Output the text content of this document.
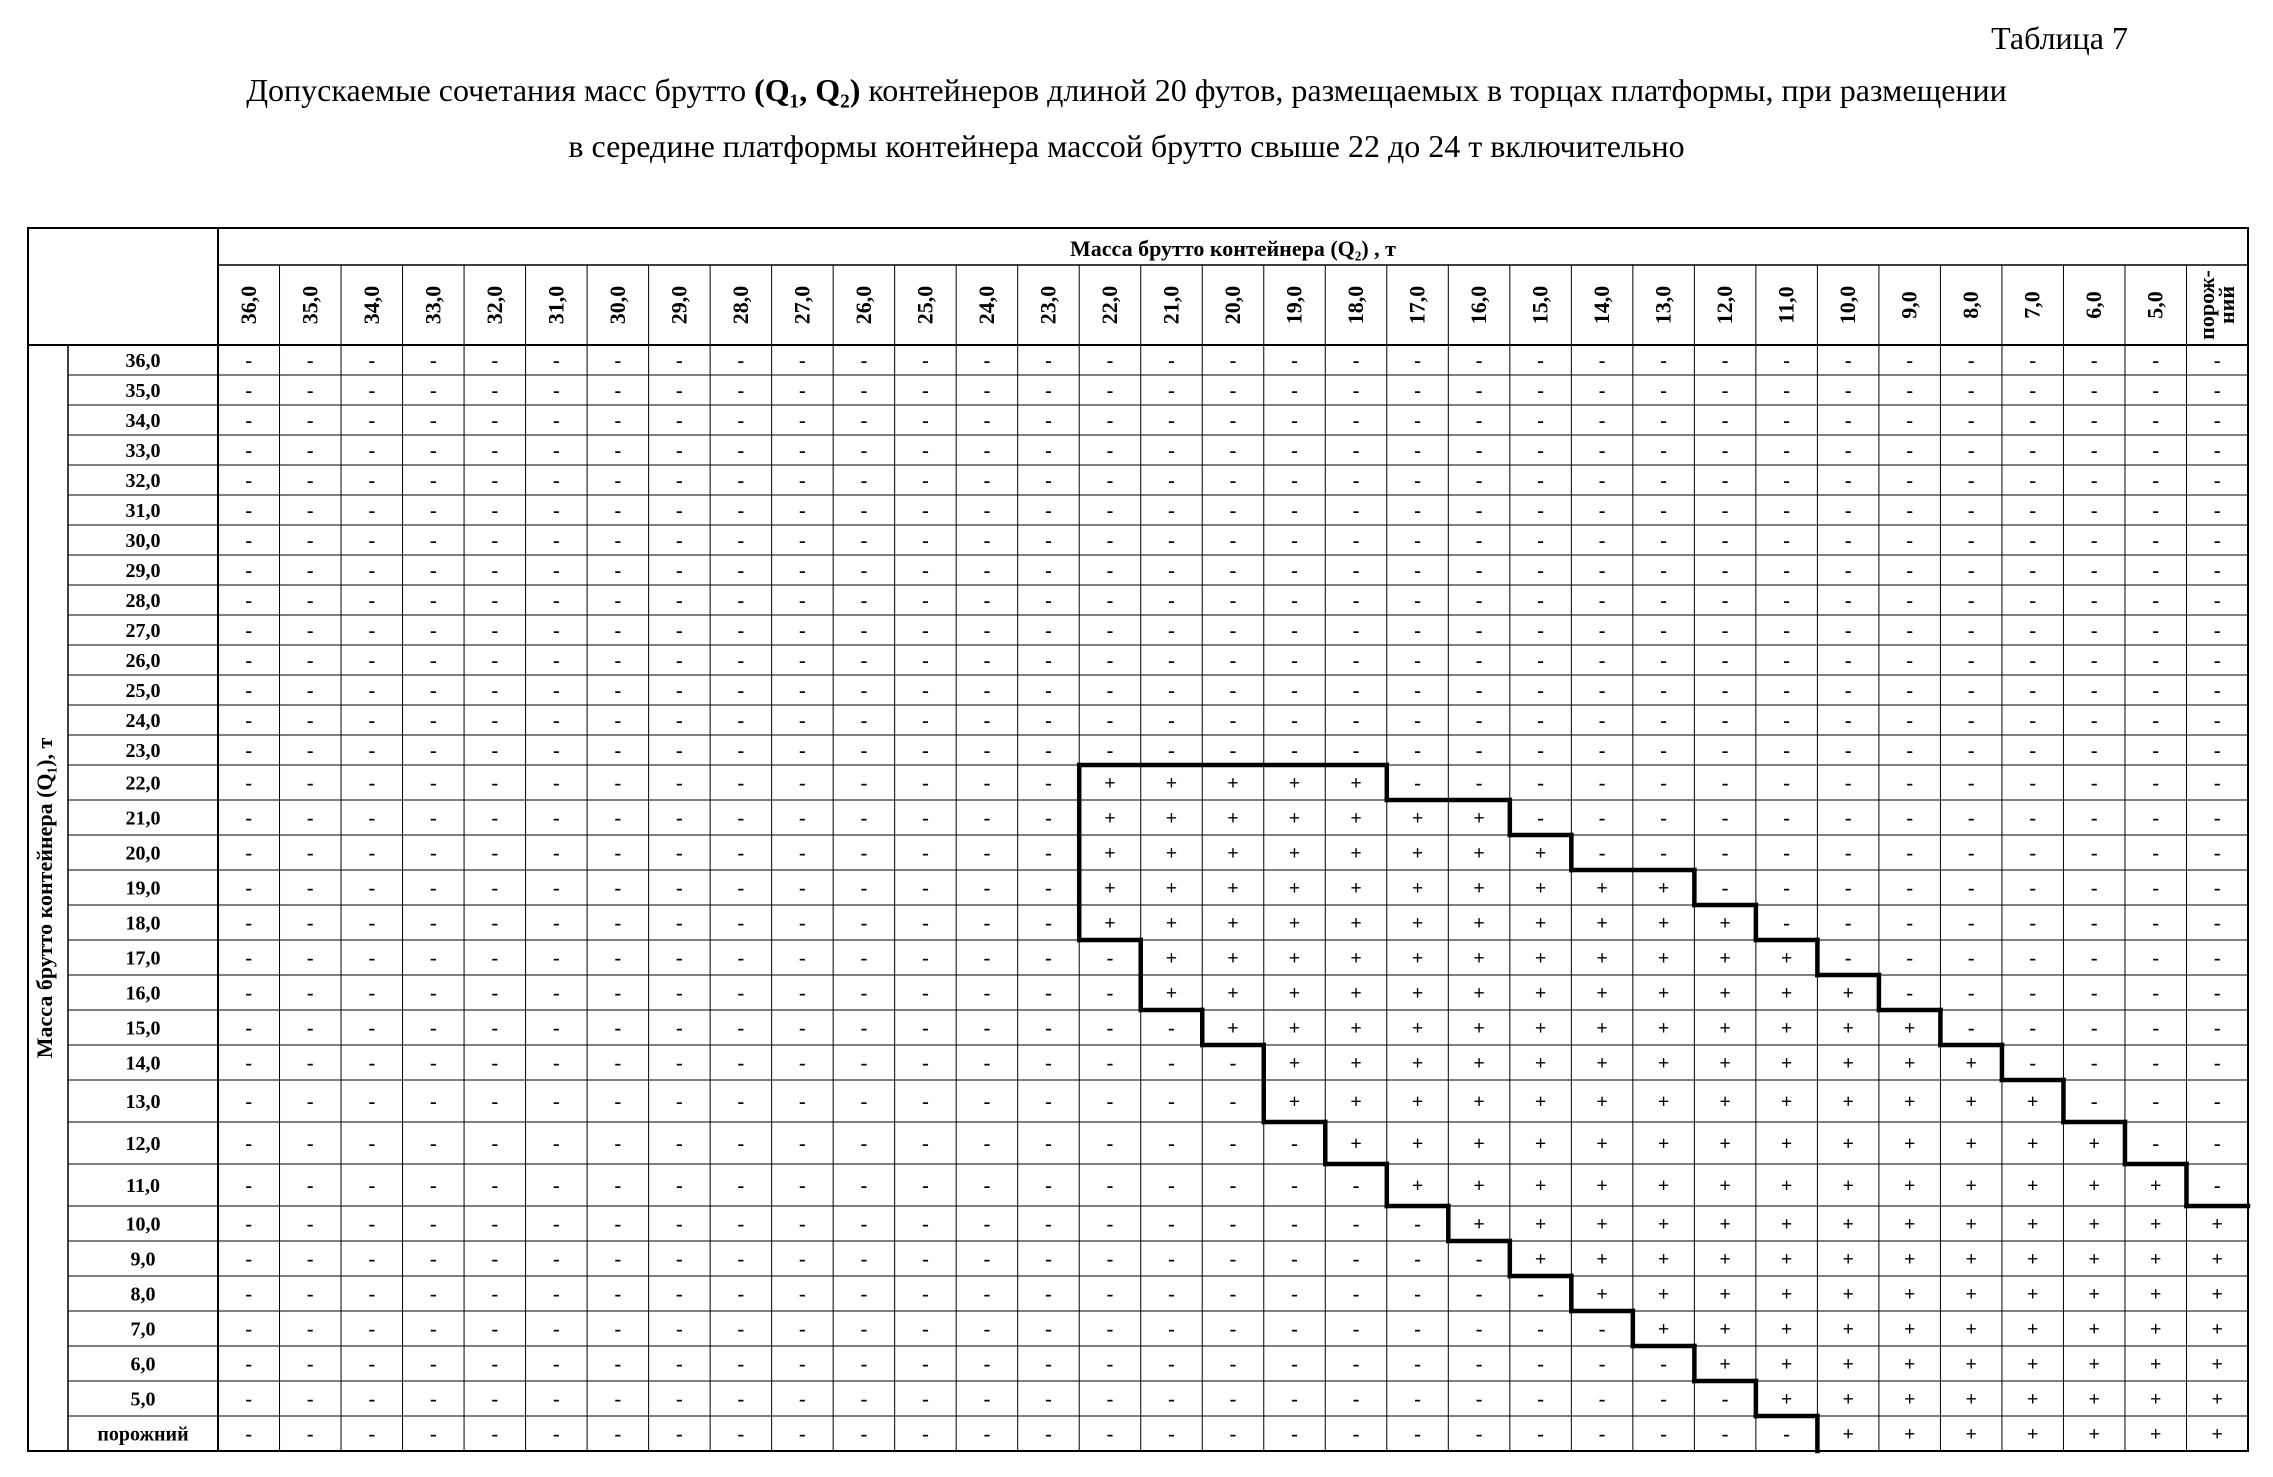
Таблица 7
Допускаемые сочетания масс брутто (Q₁, Q₂) контейнеров длиной 20 футов, размещаемых в торцах платформы, при размещении
в середине платформы контейнера массой брутто свыше 22 до 24 т включительно
Масса брутто контейнера (Q₂) , т
Масса брутто контейнера (Q₁), т
36,0 35,0 34,0 33,0 32,0 31,0 30,0 29,0 28,0 27,0 26,0 25,0 24,0 23,0 22,0 21,0 20,0 19,0 18,0 17,0 16,0 15,0 14,0 13,0 12,0 11,0 10,0 9,0 8,0 7,0 6,0 5,0 порож-ний
36,0	-	-	-	-	-	-	-	-	-	-	-	-	-	-	-	-	-	-	-	-	-	-	-	-	-	-	-	-	-	-	-	-	-
35,0	-	-	-	-	-	-	-	-	-	-	-	-	-	-	-	-	-	-	-	-	-	-	-	-	-	-	-	-	-	-	-	-	-
34,0	-	-	-	-	-	-	-	-	-	-	-	-	-	-	-	-	-	-	-	-	-	-	-	-	-	-	-	-	-	-	-	-	-
33,0	-	-	-	-	-	-	-	-	-	-	-	-	-	-	-	-	-	-	-	-	-	-	-	-	-	-	-	-	-	-	-	-	-
32,0	-	-	-	-	-	-	-	-	-	-	-	-	-	-	-	-	-	-	-	-	-	-	-	-	-	-	-	-	-	-	-	-	-
31,0	-	-	-	-	-	-	-	-	-	-	-	-	-	-	-	-	-	-	-	-	-	-	-	-	-	-	-	-	-	-	-	-	-
30,0	-	-	-	-	-	-	-	-	-	-	-	-	-	-	-	-	-	-	-	-	-	-	-	-	-	-	-	-	-	-	-	-	-
29,0	-	-	-	-	-	-	-	-	-	-	-	-	-	-	-	-	-	-	-	-	-	-	-	-	-	-	-	-	-	-	-	-	-
28,0	-	-	-	-	-	-	-	-	-	-	-	-	-	-	-	-	-	-	-	-	-	-	-	-	-	-	-	-	-	-	-	-	-
27,0	-	-	-	-	-	-	-	-	-	-	-	-	-	-	-	-	-	-	-	-	-	-	-	-	-	-	-	-	-	-	-	-	-
26,0	-	-	-	-	-	-	-	-	-	-	-	-	-	-	-	-	-	-	-	-	-	-	-	-	-	-	-	-	-	-	-	-	-
25,0	-	-	-	-	-	-	-	-	-	-	-	-	-	-	-	-	-	-	-	-	-	-	-	-	-	-	-	-	-	-	-	-	-
24,0	-	-	-	-	-	-	-	-	-	-	-	-	-	-	-	-	-	-	-	-	-	-	-	-	-	-	-	-	-	-	-	-	-
23,0	-	-	-	-	-	-	-	-	-	-	-	-	-	-	-	-	-	-	-	-	-	-	-	-	-	-	-	-	-	-	-	-	-
22,0	-	-	-	-	-	-	-	-	-	-	-	-	-	-	+	+	+	+	+	-	-	-	-	-	-	-	-	-	-	-	-	-	-
21,0	-	-	-	-	-	-	-	-	-	-	-	-	-	-	+	+	+	+	+	+	+	-	-	-	-	-	-	-	-	-	-	-	-
20,0	-	-	-	-	-	-	-	-	-	-	-	-	-	-	+	+	+	+	+	+	+	+	-	-	-	-	-	-	-	-	-	-	-
19,0	-	-	-	-	-	-	-	-	-	-	-	-	-	-	+	+	+	+	+	+	+	+	+	+	-	-	-	-	-	-	-	-	-
18,0	-	-	-	-	-	-	-	-	-	-	-	-	-	-	+	+	+	+	+	+	+	+	+	+	+	-	-	-	-	-	-	-	-
17,0	-	-	-	-	-	-	-	-	-	-	-	-	-	-	-	+	+	+	+	+	+	+	+	+	+	+	-	-	-	-	-	-	-
16,0	-	-	-	-	-	-	-	-	-	-	-	-	-	-	-	+	+	+	+	+	+	+	+	+	+	+	+	-	-	-	-	-	-
15,0	-	-	-	-	-	-	-	-	-	-	-	-	-	-	-	-	+	+	+	+	+	+	+	+	+	+	+	+	-	-	-	-	-
14,0	-	-	-	-	-	-	-	-	-	-	-	-	-	-	-	-	-	+	+	+	+	+	+	+	+	+	+	+	+	-	-	-	-
13,0	-	-	-	-	-	-	-	-	-	-	-	-	-	-	-	-	-	+	+	+	+	+	+	+	+	+	+	+	+	+	-	-	-
12,0	-	-	-	-	-	-	-	-	-	-	-	-	-	-	-	-	-	-	+	+	+	+	+	+	+	+	+	+	+	+	+	-	-
11,0	-	-	-	-	-	-	-	-	-	-	-	-	-	-	-	-	-	-	-	+	+	+	+	+	+	+	+	+	+	+	+	+	-
10,0	-	-	-	-	-	-	-	-	-	-	-	-	-	-	-	-	-	-	-	-	+	+	+	+	+	+	+	+	+	+	+	+	+
9,0	-	-	-	-	-	-	-	-	-	-	-	-	-	-	-	-	-	-	-	-	-	+	+	+	+	+	+	+	+	+	+	+	+
8,0	-	-	-	-	-	-	-	-	-	-	-	-	-	-	-	-	-	-	-	-	-	-	+	+	+	+	+	+	+	+	+	+	+
7,0	-	-	-	-	-	-	-	-	-	-	-	-	-	-	-	-	-	-	-	-	-	-	-	+	+	+	+	+	+	+	+	+	+
6,0	-	-	-	-	-	-	-	-	-	-	-	-	-	-	-	-	-	-	-	-	-	-	-	-	+	+	+	+	+	+	+	+	+
5,0	-	-	-	-	-	-	-	-	-	-	-	-	-	-	-	-	-	-	-	-	-	-	-	-	-	+	+	+	+	+	+	+	+
порожний	-	-	-	-	-	-	-	-	-	-	-	-	-	-	-	-	-	-	-	-	-	-	-	-	-	-	+	+	+	+	+	+	+
